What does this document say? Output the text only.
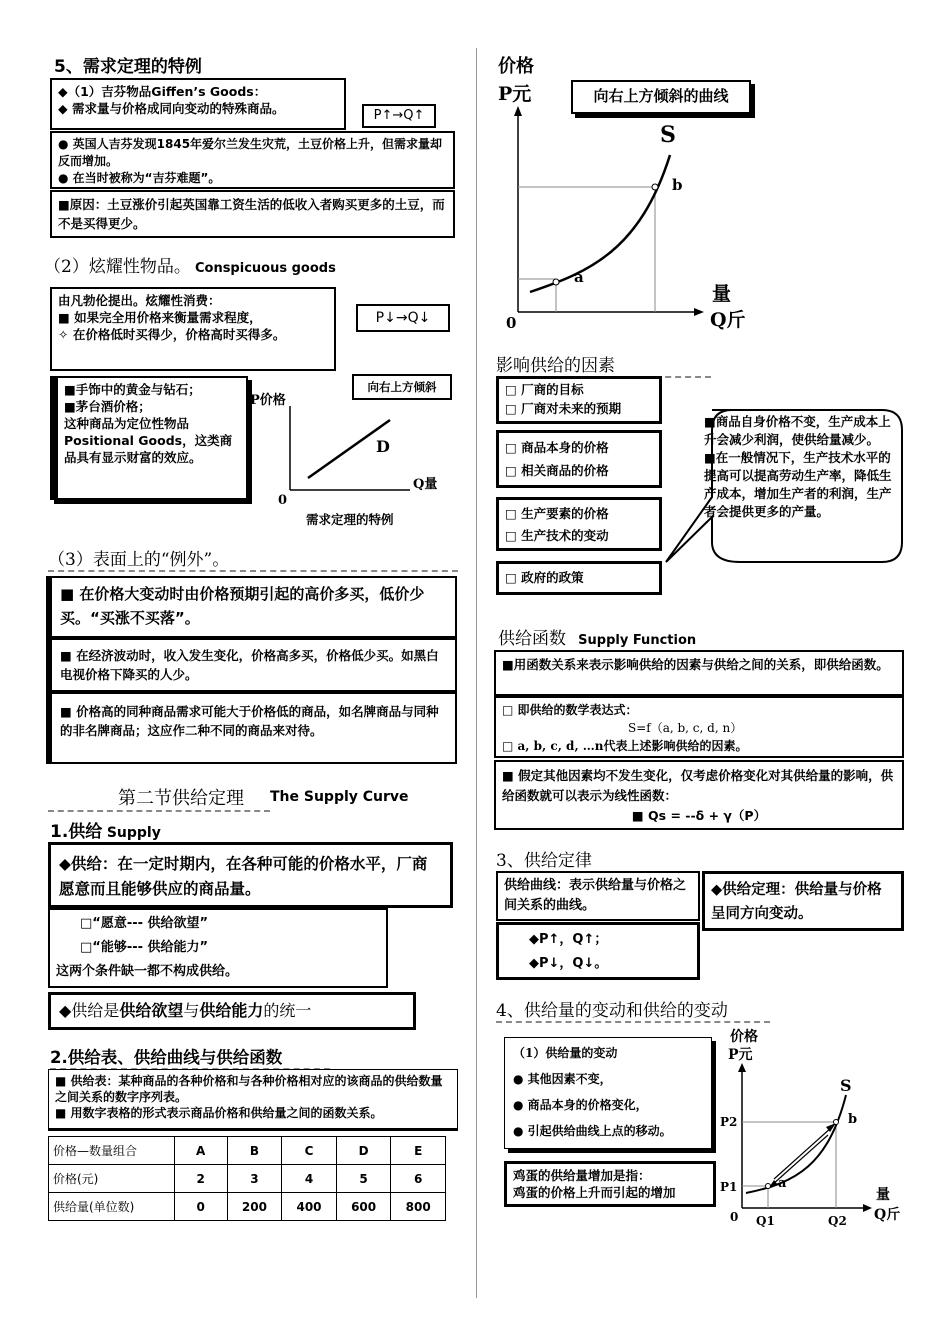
5、需求定理的特例
◆（1）吉芬物品Giffen’s Goods：
◆ 需求量与价格成同向变动的特殊商品。	P↑→Q↑
● 英国人吉芬发现1845年爱尔兰发生灾荒，土豆价格上升，但需求量却反而增加。
● 在当时被称为“吉芬难题”。
■原因：土豆涨价引起英国靠工资生活的低收入者购买更多的土豆，而不是买得更少。
（2）炫耀性物品。 Conspicuous goods
由凡勃伦提出。炫耀性消费：
■ 如果完全用价格来衡量需求程度，
✧ 在价格低时买得少，价格高时买得多。
P↓→Q↓
■手饰中的黄金与钻石；
■茅台酒价格；
这种商品为定位性物品Positional Goods，这类商品具有显示财富的效应。
向右上方倾斜
P价格
Q量
0
D
需求定理的特例
（3）表面上的“例外”。
■ 在价格大变动时由价格预期引起的高价多买，低价少买。“买涨不买落”。
■ 在经济波动时，收入发生变化，价格高多买，价格低少买。如黑白电视价格下降买的人少。
■ 价格高的同种商品需求可能大于价格低的商品，如名牌商品与同种的非名牌商品；这应作二种不同的商品来对待。
第二节供给定理	The Supply Curve
1.供给 Supply
◆供给：在一定时期内，在各种可能的价格水平，厂商愿意而且能够供应的商品量。
□“愿意--- 供给欲望”
□“能够--- 供给能力”
这两个条件缺一都不构成供给。
◆供给是供给欲望与供给能力的统一
2.供给表、供给曲线与供给函数
■ 供给表：某种商品的各种价格和与各种价格相对应的该商品的供给数量之间关系的数字序列表。
■ 用数字表格的形式表示商品价格和供给量之间的函数关系。
价格—数量组合	A	B	C	D	E
价格(元)	2	3	4	5	6
供给量(单位数)	0	200	400	600	800
价格
P元
S
a
b
0
量
Q斤
向右上方倾斜的曲线
影响供给的因素
□ 厂商的目标
□ 厂商对未来的预期
□ 商品本身的价格
□ 相关商品的价格
□ 生产要素的价格
□ 生产技术的变动
□ 政府的政策
■商品自身价格不变，生产成本上升会减少利润，使供给量减少。
■在一般情况下，生产技术水平的提高可以提高劳动生产率，降低生产成本，增加生产者的利润，生产者会提供更多的产量。
供给函数 Supply Function
■用函数关系来表示影响供给的因素与供给之间的关系，即供给函数。
□ 即供给的数学表达式：
S=f（a, b, c, d, n）
□ a, b, c, d, …n代表上述影响供给的因素。
■ 假定其他因素均不发生变化，仅考虑价格变化对其供给量的影响，供给函数就可以表示为线性函数：
■ Qs = --δ + γ（P）
3、供给定律
供给曲线：表示供给量与价格之间关系的曲线。
◆供给定理：供给量与价格呈同方向变动。
◆P↑，Q↑；
◆P↓，Q↓。
4、供给量的变动和供给的变动
（1）供给量的变动
● 其他因素不变，
● 商品本身的价格变化，
● 引起供给曲线上点的移动。
鸡蛋的供给量增加是指：
鸡蛋的价格上升而引起的增加
价格
P元
S
P2
P1
b
a
0 Q1	Q2
量
Q斤
